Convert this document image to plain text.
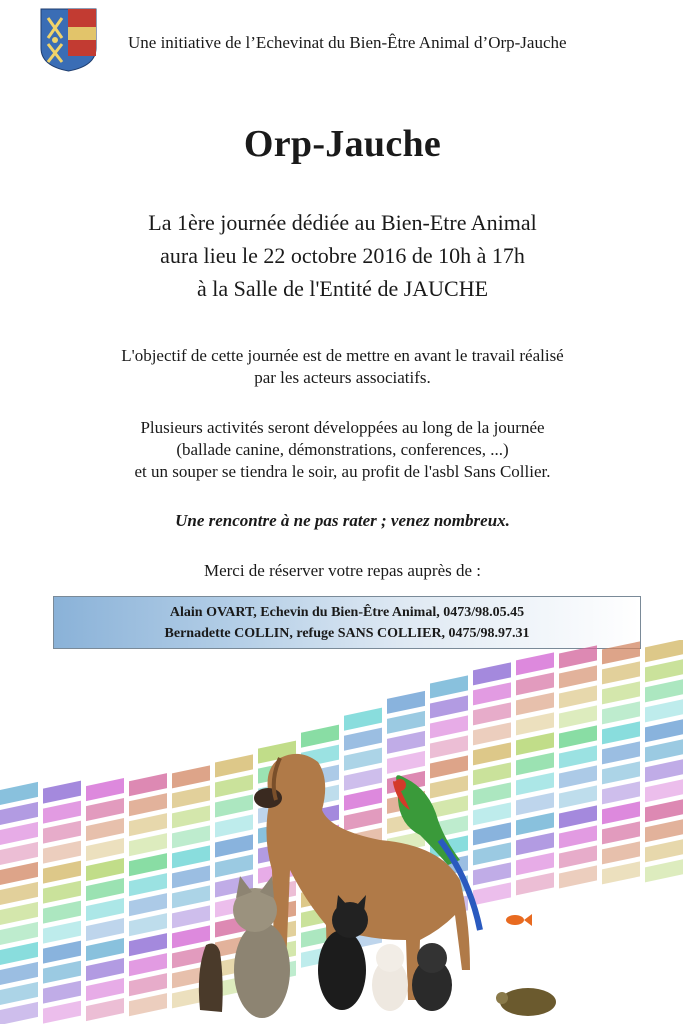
Une initiative de l’Echevinat du Bien-Être Animal d’Orp-Jauche
Orp-Jauche
La 1ère journée dédiée au Bien-Etre Animal
aura lieu le 22 octobre 2016 de 10h à 17h
à la Salle de l'Entité de JAUCHE
L'objectif de cette journée est de mettre en avant le travail réalisé
par les acteurs associatifs.
Plusieurs activités seront développées au long de la journée
(ballade canine, démonstrations, conferences, ...)
et un souper se tiendra le soir, au profit de l'asbl Sans Collier.
Une rencontre à ne pas rater ; venez nombreux.
Merci de réserver votre repas auprès de :
Alain OVART, Echevin du Bien-Être Animal, 0473/98.05.45
Bernadette COLLIN, refuge SANS COLLIER, 0475/98.97.31
